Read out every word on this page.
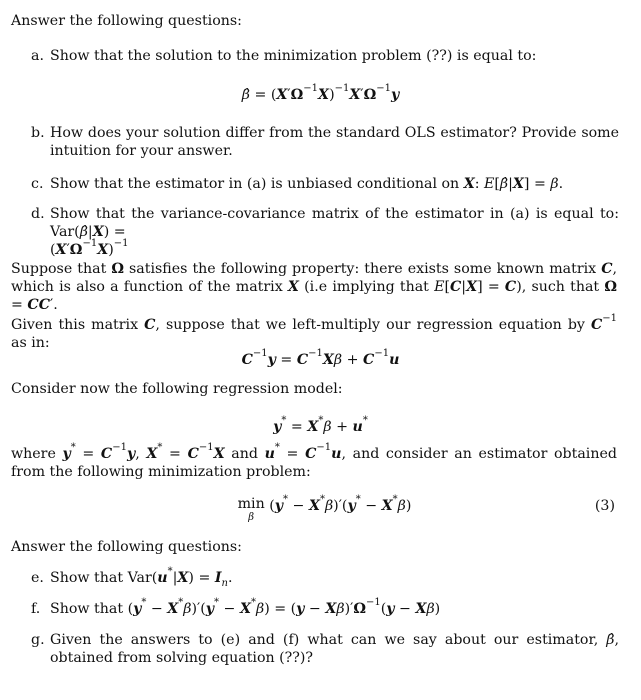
Answer the following questions:

a. Show that the solution to the minimization problem (??) is equal to:

β̂ = $(X'\Omega^{-1}X)^{-1}X'\Omega^{-1}y$
b. How does your solution differ from the standard OLS estimator? Provide some intuition for your answer.

c. Show that the estimator in (a) is unbiased conditional on X: E[β̂|X] = β.

d. Show that the variance-covariance matrix of the estimator in (a) is equal to: Var(β̂|X) =
$(X'\Omega^{-1}X)^{-1}$

Suppose that Ω satisfies the following property: there exists some known matrix C, which is also a function of the matrix X (i.e implying that E[C|X] = C), such that Ω = CC′.

Given this matrix C, suppose that we left-multiply our regression equation by $C^{-1}$ as in:

$C^{-1}y = C^{-1}X\beta + C^{-1}u$

Consider now the following regression model:

y* = X*β + u*

where $y^* = C^{-1}y$, $X^* = C^{-1}X$ and $u^* = C^{-1}u$, and consider an estimator obtained from the following minimization problem:

min
β
(y* − X*β)′(y* − X*β)	(3)

Answer the following questions:

e. Show that $Var(u^*|X) = I_n$.

f. Show that $(y^* - X^*\beta)'(y^* - X^*\beta) = (y - X\beta)'\Omega^{-1}(y - X\beta)$

g. Given the answers to (e) and (f) what can we say about our estimator, β̂, obtained from solving equation (??)?
